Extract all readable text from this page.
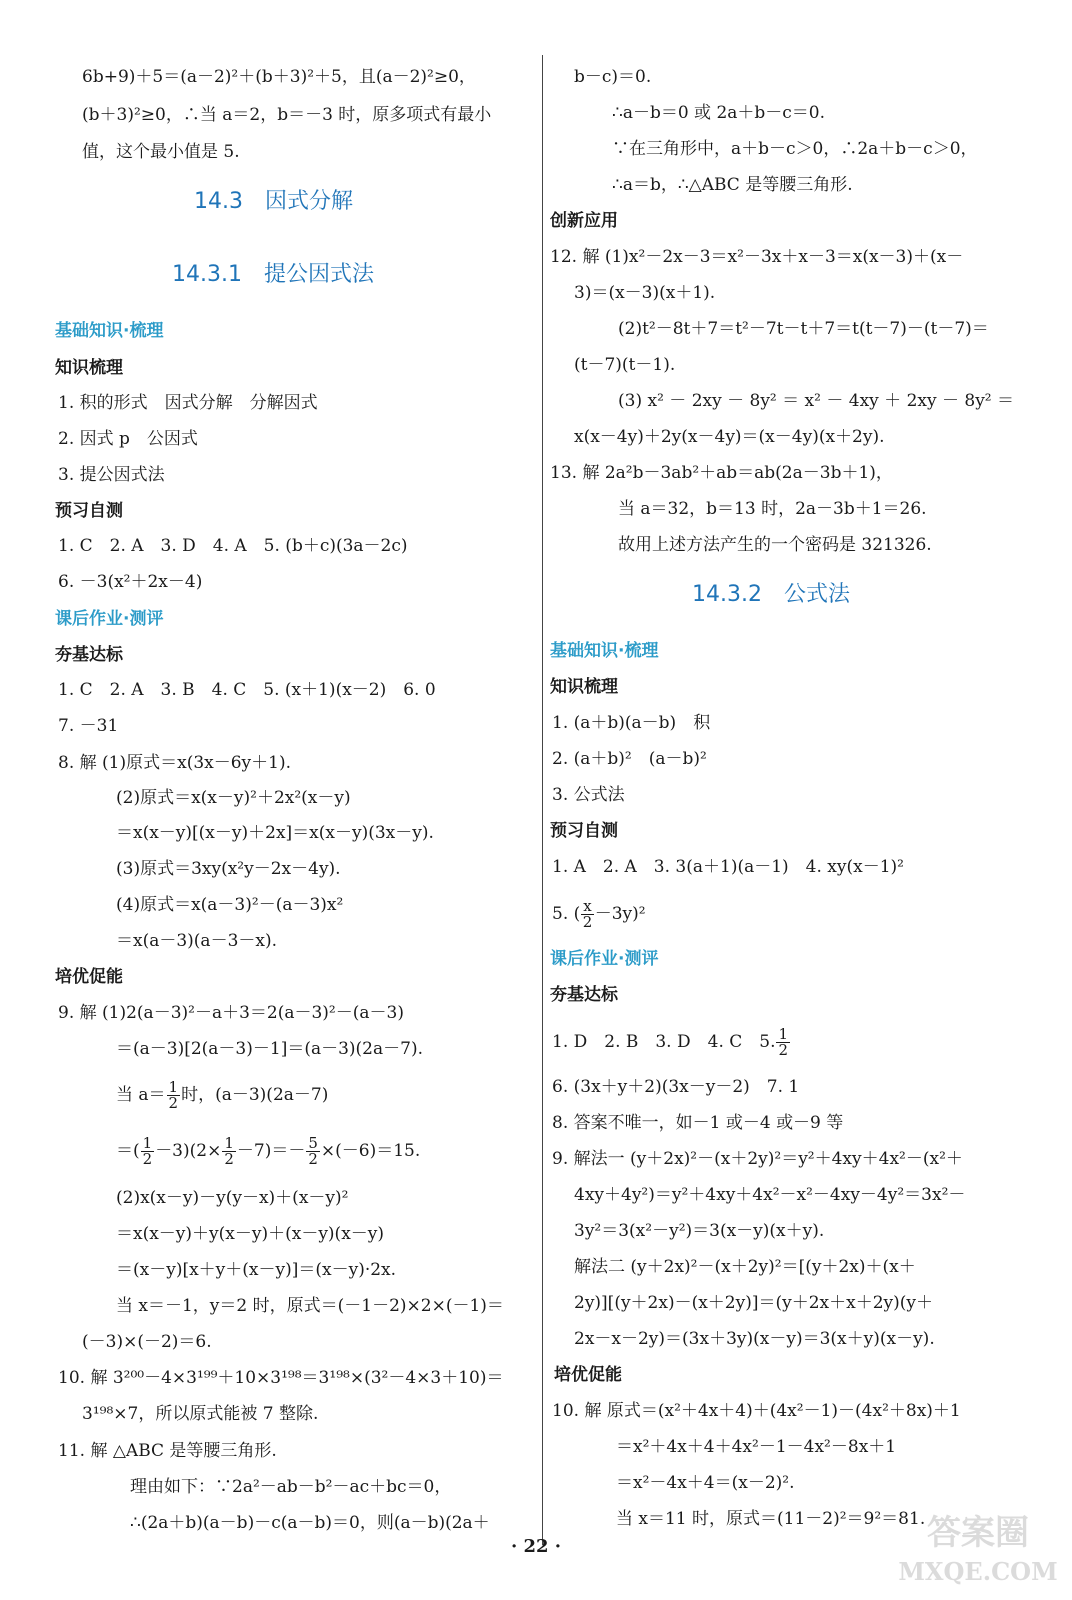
6b+9)＋5＝(a－2)²＋(b＋3)²＋5，且(a－2)²≥0，
(b＋3)²≥0，∴当 a＝2，b＝－3 时，原多项式有最小
值，这个最小值是 5.
14.3 因式分解
14.3.1 提公因式法
基础知识·梳理
知识梳理
1. 积的形式　因式分解　分解因式
2. 因式 p　公因式
3. 提公因式法
预习自测
1. C　2. A　3. D　4. A　5. (b＋c)(3a－2c)
6. －3(x²＋2x－4)
课后作业·测评
夯基达标
1. C　2. A　3. B　4. C　5. (x＋1)(x－2)　6. 0
7. －31
8. 解 (1)原式＝x(3x－6y＋1).
(2)原式＝x(x－y)²＋2x²(x－y)
＝x(x－y)[(x－y)＋2x]＝x(x－y)(3x－y).
(3)原式＝3xy(x²y－2x－4y).
(4)原式＝x(a－3)²－(a－3)x²
＝x(a－3)(a－3－x).
培优促能
9. 解 (1)2(a－3)²－a＋3＝2(a－3)²－(a－3)
＝(a－3)[2(a－3)－1]＝(a－3)(2a－7).
当 $a= \frac{1}{2}$ 时，(a－3)(2a－7)
＝( $\frac{1}{2} -3)(2\times \frac{1}{2} -7)=- \frac{5}{2} \times(-6)=15$.
(2)x(x－y)－y(y－x)＋(x－y)²
＝x(x－y)＋y(x－y)＋(x－y)(x－y)
＝(x－y)[x＋y＋(x－y)]＝(x－y)·2x.
当 x＝－1，y＝2 时，原式＝(－1－2)×2×(－1)＝
(－3)×(－2)＝6.
10. 解 3²⁰⁰－4×3¹⁹⁹＋10×3¹⁹⁸＝3¹⁹⁸×(3²－4×3＋10)＝
3¹⁹⁸×7，所以原式能被 7 整除.
11. 解 △ABC 是等腰三角形.
理由如下：∵2a²－ab－b²－ac＋bc＝0，
∴(2a＋b)(a－b)－c(a－b)＝0，则(a－b)(2a＋
b－c)＝0.
∴a－b＝0 或 2a＋b－c＝0.
∵在三角形中，a＋b－c＞0，∴2a＋b－c＞0，
∴a＝b，∴△ABC 是等腰三角形.
创新应用
12. 解 (1)x²－2x－3＝x²－3x＋x－3＝x(x－3)＋(x－
3)＝(x－3)(x＋1).
(2)t²－8t＋7＝t²－7t－t＋7＝t(t－7)－(t－7)＝
(t－7)(t－1).
(3) x² － 2xy － 8y² ＝ x² － 4xy ＋ 2xy － 8y² ＝
x(x－4y)＋2y(x－4y)＝(x－4y)(x＋2y).
13. 解 2a²b－3ab²＋ab＝ab(2a－3b＋1)，
当 a＝32，b＝13 时，2a－3b＋1＝26.
故用上述方法产生的一个密码是 321326.
14.3.2 公式法
基础知识·梳理
知识梳理
1. (a＋b)(a－b)　积
2. (a＋b)²　(a－b)²
3. 公式法
预习自测
1. A　2. A　3. 3(a＋1)(a－1)　4. xy(x－1)²
5. ( $\frac{x}{2} -3y)^2$
课后作业·测评
夯基达标
1. D　2. B　3. D　4. C　5. $\frac{1}{2}$
6. (3x＋y＋2)(3x－y－2)　7. 1
8. 答案不唯一，如－1 或－4 或－9 等
9. 解法一 (y＋2x)²－(x＋2y)²＝y²＋4xy＋4x²－(x²＋
4xy＋4y²)＝y²＋4xy＋4x²－x²－4xy－4y²＝3x²－
3y²＝3(x²－y²)＝3(x－y)(x＋y).
解法二 (y＋2x)²－(x＋2y)²＝[(y＋2x)＋(x＋
2y)][(y＋2x)－(x＋2y)]＝(y＋2x＋x＋2y)(y＋
2x－x－2y)＝(3x＋3y)(x－y)＝3(x＋y)(x－y).
培优促能
10. 解 原式＝(x²＋4x＋4)＋(4x²－1)－(4x²＋8x)＋1
＝x²＋4x＋4＋4x²－1－4x²－8x＋1
＝x²－4x＋4＝(x－2)².
当 x＝11 时，原式＝(11－2)²＝9²＝81.
· 22 ·	答案圈
MXQE.COM
